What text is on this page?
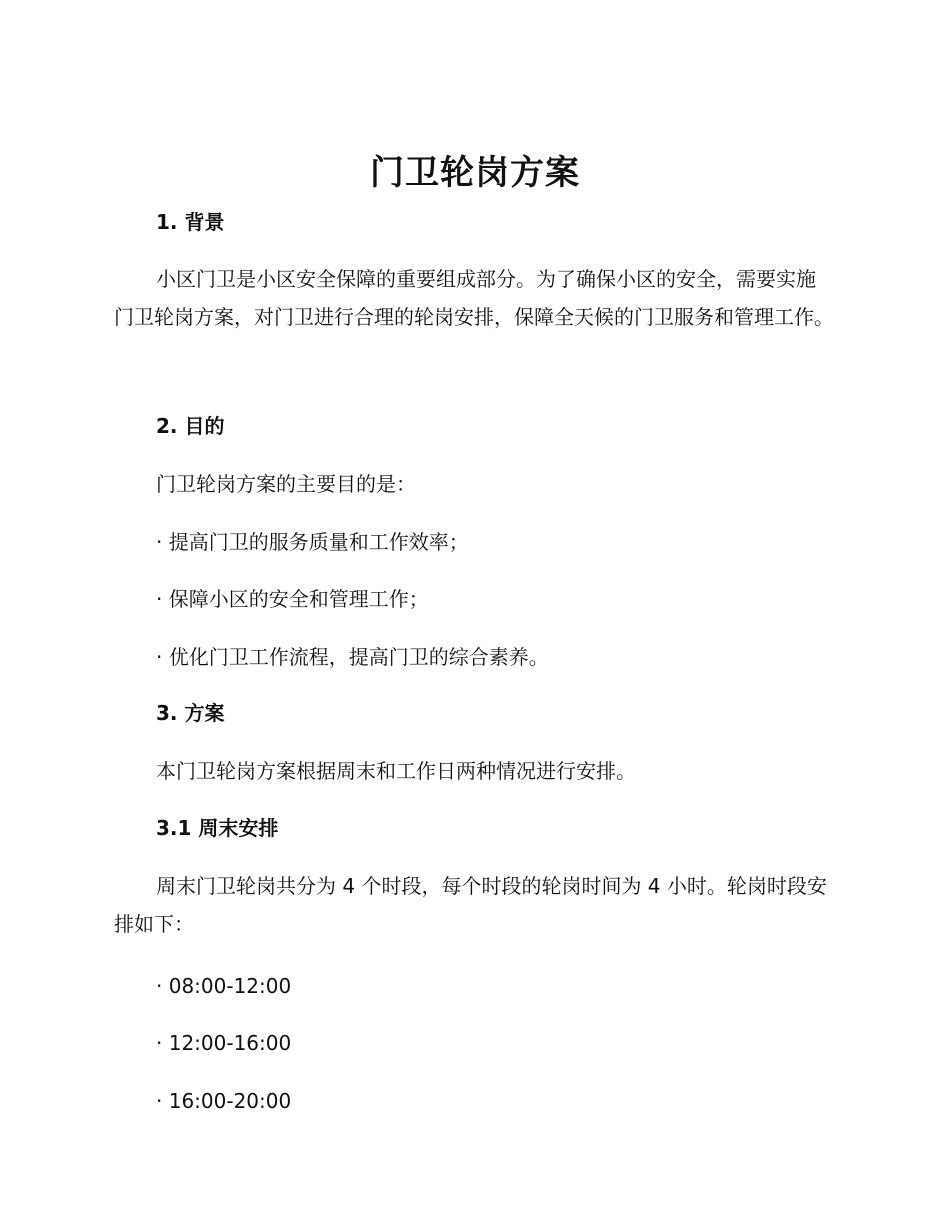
门卫轮岗方案
1. 背景
小区门卫是小区安全保障的重要组成部分。为了确保小区的安全，需要实施门卫轮岗方案，对门卫进行合理的轮岗安排，保障全天候的门卫服务和管理工作。
2. 目的
门卫轮岗方案的主要目的是：
· 提高门卫的服务质量和工作效率；
· 保障小区的安全和管理工作；
· 优化门卫工作流程，提高门卫的综合素养。
3. 方案
本门卫轮岗方案根据周末和工作日两种情况进行安排。
3.1 周末安排
周末门卫轮岗共分为 4 个时段，每个时段的轮岗时间为 4 小时。轮岗时段安排如下：
· 08:00-12:00
· 12:00-16:00
· 16:00-20:00
